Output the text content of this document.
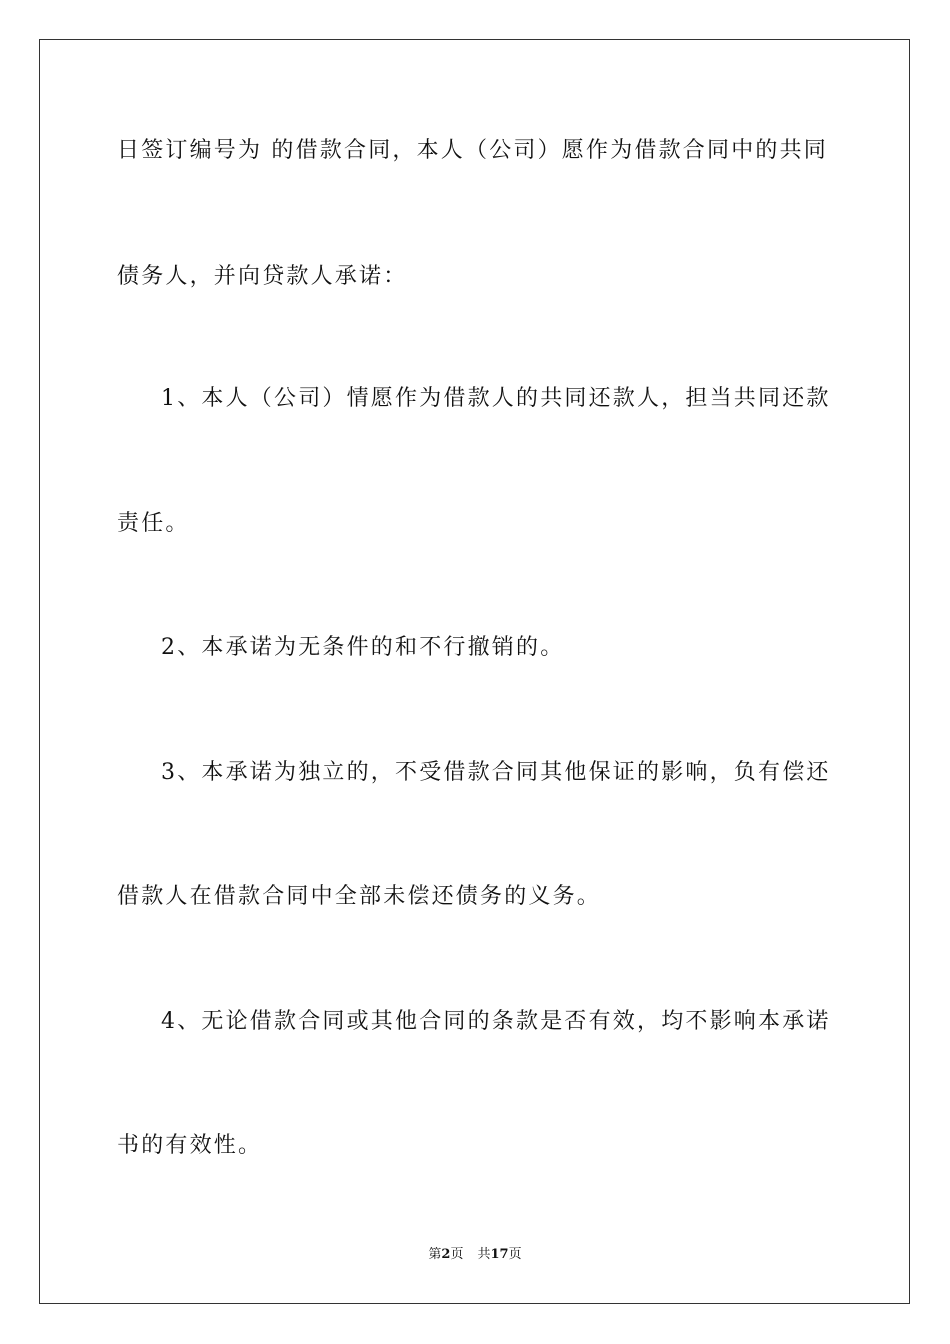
日签订编号为 的借款合同，本人（公司）愿作为借款合同中的共同
债务人，并向贷款人承诺：
1、本人（公司）情愿作为借款人的共同还款人，担当共同还款
责任。
2、本承诺为无条件的和不行撤销的。
3、本承诺为独立的，不受借款合同其他保证的影响，负有偿还
借款人在借款合同中全部未偿还债务的义务。
4、无论借款合同或其他合同的条款是否有效，均不影响本承诺
书的有效性。
第2页 共17页
